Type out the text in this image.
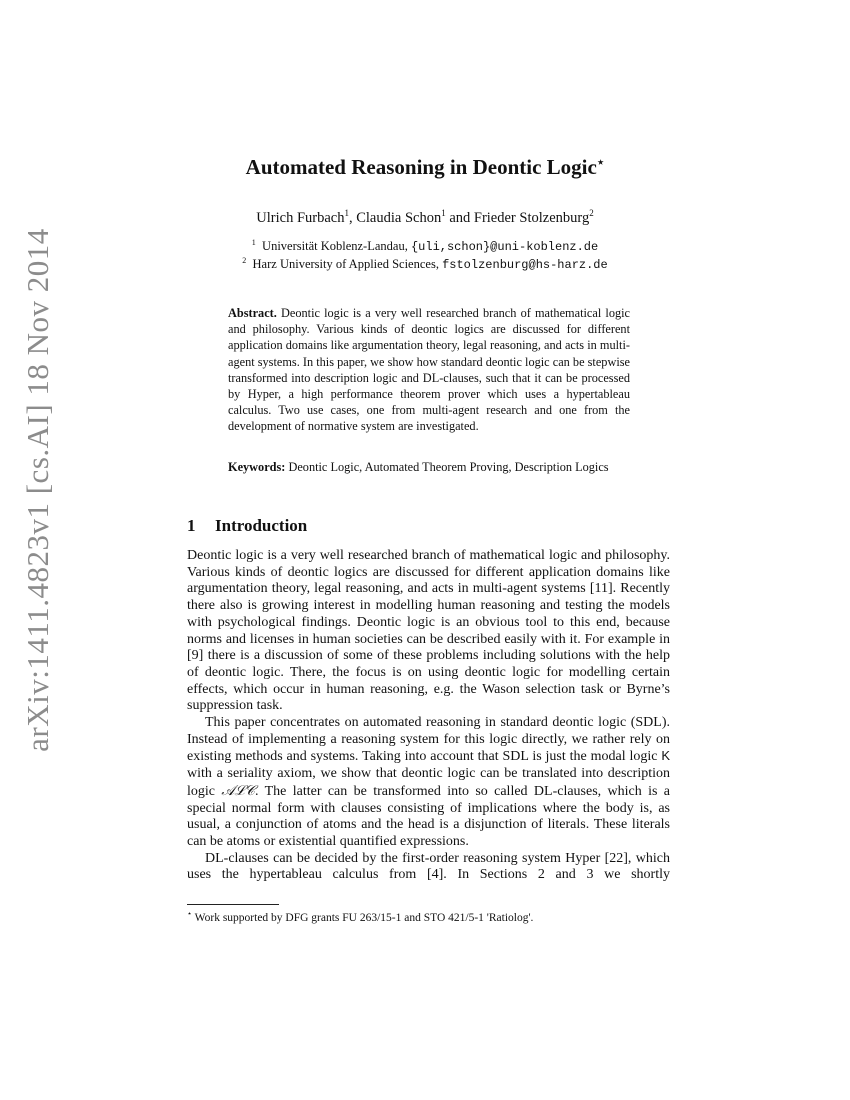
arXiv:1411.4823v1 [cs.AI] 18 Nov 2014
Automated Reasoning in Deontic Logic⋆
Ulrich Furbach$^1$, Claudia Schon$^1$ and Frieder Stolzenburg$^2$
$^1$ Universität Koblenz-Landau, {uli,schon}@uni-koblenz.de
$^2$ Harz University of Applied Sciences, fstolzenburg@hs-harz.de

Abstract. Deontic logic is a very well researched branch of mathematical logic and philosophy. Various kinds of deontic logics are discussed for different application domains like argumentation theory, legal reasoning, and acts in multi-agent systems. In this paper, we show how standard deontic logic can be stepwise transformed into description logic and DL-clauses, such that it can be processed by Hyper, a high performance theorem prover which uses a hypertableau calculus. Two use cases, one from multi-agent research and one from the development of normative system are investigated.

Keywords: Deontic Logic, Automated Theorem Proving, Description Logics

1 Introduction

Deontic logic is a very well researched branch of mathematical logic and philosophy. Various kinds of deontic logics are discussed for different application domains like argumentation theory, legal reasoning, and acts in multi-agent systems [11]. Recently there also is growing interest in modelling human reasoning and testing the models with psychological findings. Deontic logic is an obvious tool to this end, because norms and licenses in human societies can be described easily with it. For example in [9] there is a discussion of some of these problems including solutions with the help of deontic logic. There, the focus is on using deontic logic for modelling certain effects, which occur in human reasoning, e.g. the Wason selection task or Byrne’s suppression task.

This paper concentrates on automated reasoning in standard deontic logic (SDL). Instead of implementing a reasoning system for this logic directly, we rather rely on existing methods and systems. Taking into account that SDL is just the modal logic K with a seriality axiom, we show that deontic logic can be translated into description logic 𝒜ℒ𝒞. The latter can be transformed into so called DL-clauses, which is a special normal form with clauses consisting of implications where the body is, as usual, a conjunction of atoms and the head is a disjunction of literals. These literals can be atoms or existential quantified expressions.

DL-clauses can be decided by the first-order reasoning system Hyper [22], which uses the hypertableau calculus from [4]. In Sections 2 and 3 we shortly

⋆ Work supported by DFG grants FU 263/15-1 and STO 421/5-1 'Ratiolog'.
